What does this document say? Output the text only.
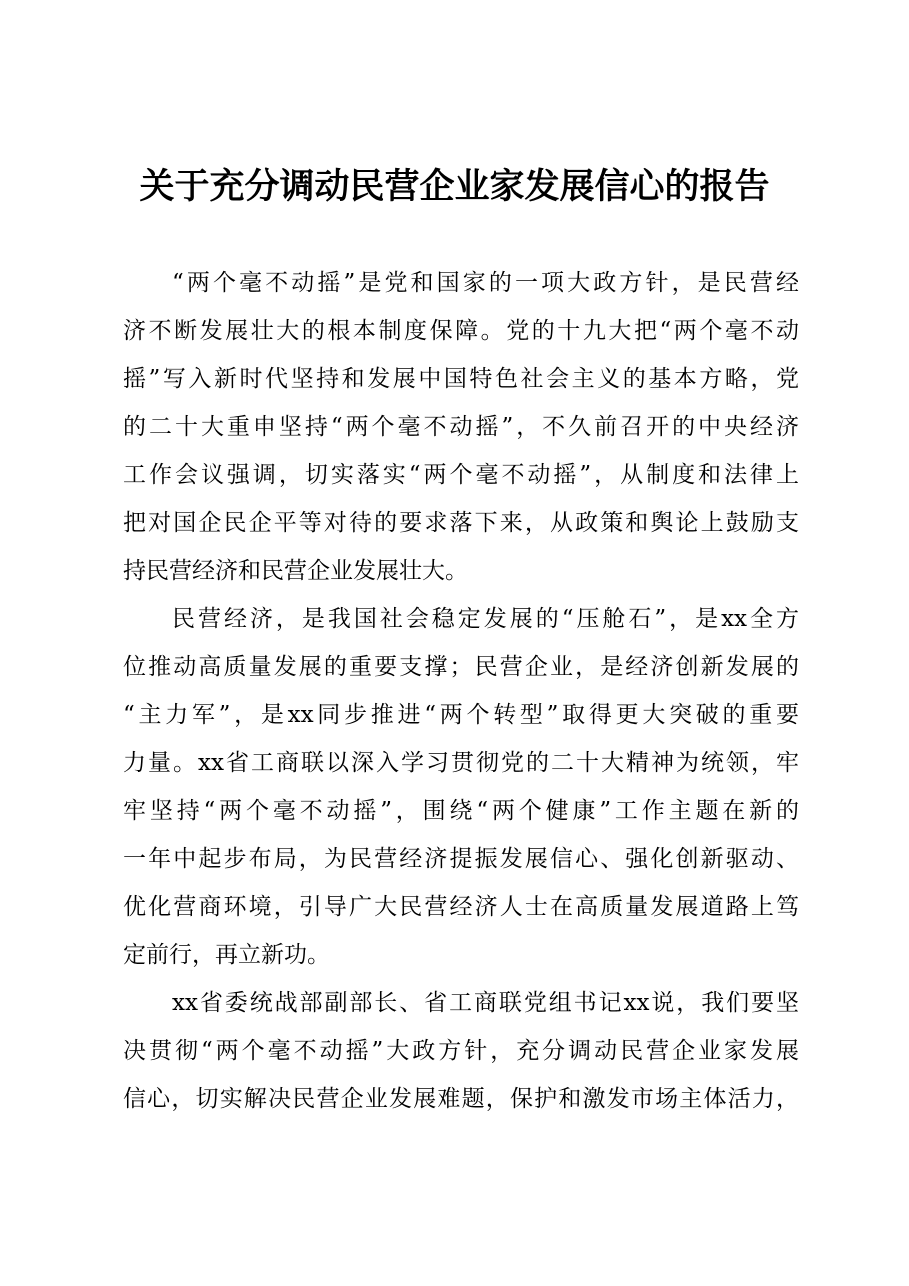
关于充分调动民营企业家发展信心的报告

“两个毫不动摇”是党和国家的一项大政方针，是民营经

济不断发展壮大的根本制度保障。党的十九大把“两个毫不动

摇”写入新时代坚持和发展中国特色社会主义的基本方略，党

的二十大重申坚持“两个毫不动摇”，不久前召开的中央经济

工作会议强调，切实落实“两个毫不动摇”，从制度和法律上

把对国企民企平等对待的要求落下来，从政策和舆论上鼓励支

持民营经济和民营企业发展壮大。

民营经济，是我国社会稳定发展的“压舱石”，是xx全方

位推动高质量发展的重要支撑；民营企业，是经济创新发展的

“主力军”，是xx同步推进“两个转型”取得更大突破的重要

力量。xx省工商联以深入学习贯彻党的二十大精神为统领，牢

牢坚持“两个毫不动摇”，围绕“两个健康”工作主题在新的

一年中起步布局，为民营经济提振发展信心、强化创新驱动、

优化营商环境，引导广大民营经济人士在高质量发展道路上笃

定前行，再立新功。

xx省委统战部副部长、省工商联党组书记xx说，我们要坚

决贯彻“两个毫不动摇”大政方针，充分调动民营企业家发展

信心，切实解决民营企业发展难题，保护和激发市场主体活力，
